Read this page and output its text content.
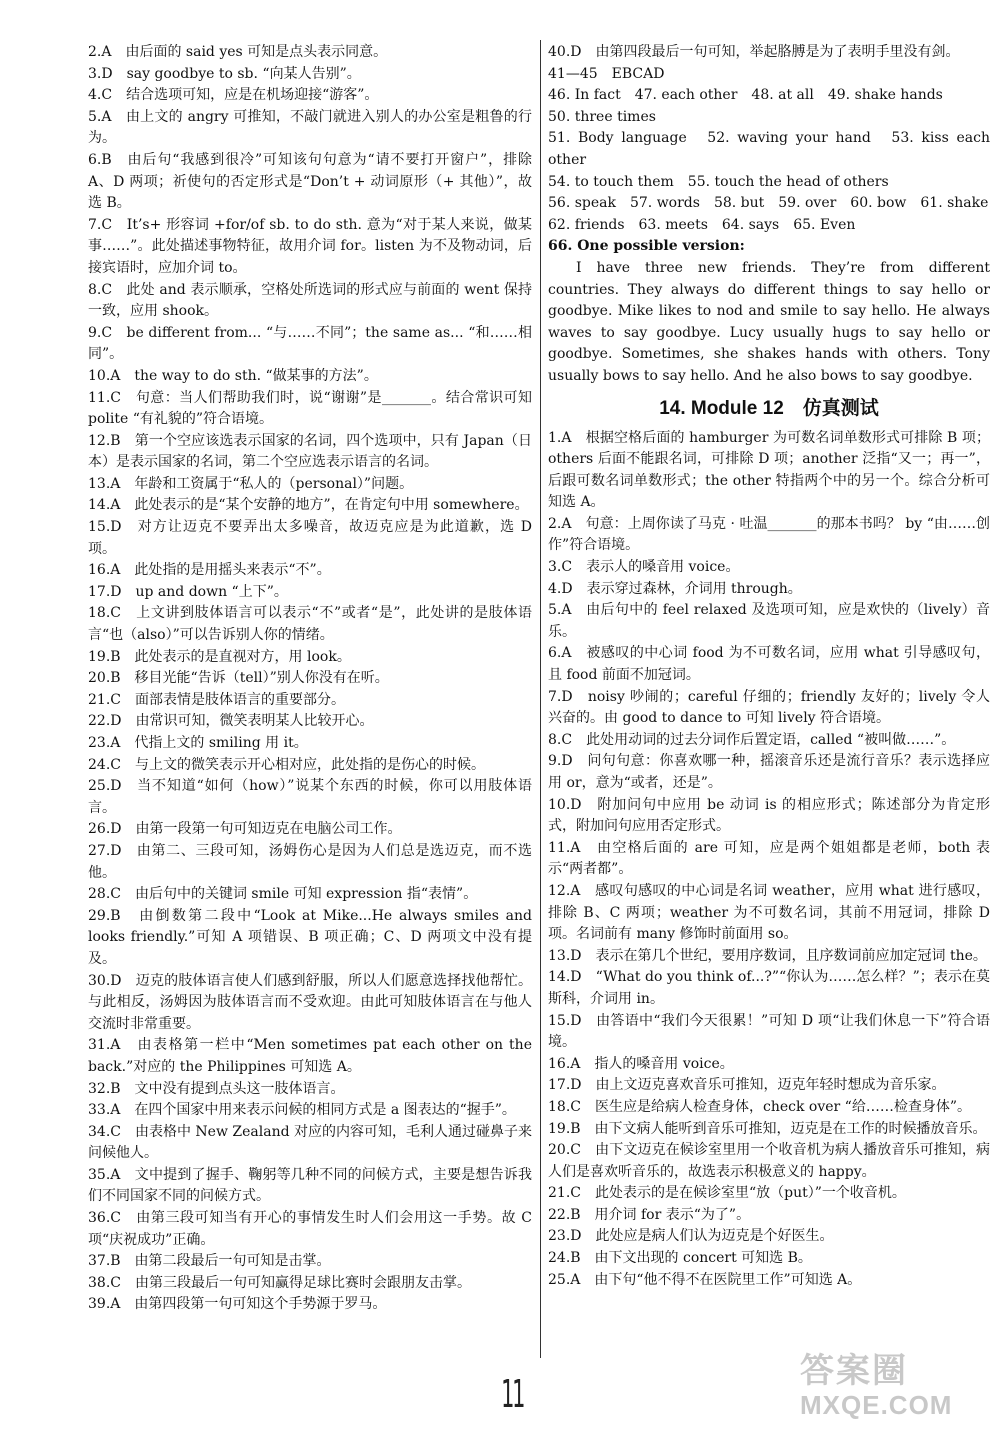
2.A　由后面的 said yes 可知是点头表示同意。

3.D　say goodbye to sb. “向某人告别”。

4.C　结合选项可知，应是在机场迎接“游客”。

5.A　由上文的 angry 可推知，不敲门就进入别人的办公室是粗鲁的行为。

6.B　由后句“我感到很冷”可知该句句意为“请不要打开窗户”，排除 A、D 两项；祈使句的否定形式是“Don’t + 动词原形（+ 其他）”，故选 B。

7.C　It’s+ 形容词 +for/of sb. to do sth. 意为“对于某人来说，做某事……”。此处描述事物特征，故用介词 for。listen 为不及物动词，后接宾语时，应加介词 to。

8.C　此处 and 表示顺承，空格处所选词的形式应与前面的 went 保持一致，应用 shook。

9.C　be different from... “与……不同”；the same as... “和……相同”。

10.A　the way to do sth. “做某事的方法”。

11.C　句意：当人们帮助我们时，说“谢谢”是_______。结合常识可知 polite “有礼貌的”符合语境。

12.B　第一个空应该选表示国家的名词，四个选项中，只有 Japan（日本）是表示国家的名词，第二个空应选表示语言的名词。

13.A　年龄和工资属于“私人的（personal）”问题。

14.A　此处表示的是“某个安静的地方”，在肯定句中用 somewhere。

15.D　对方让迈克不要弄出太多噪音，故迈克应是为此道歉，选 D 项。

16.A　此处指的是用摇头来表示“不”。

17.D　up and down “上下”。

18.C　上文讲到肢体语言可以表示“不”或者“是”，此处讲的是肢体语言“也（also）”可以告诉别人你的情绪。

19.B　此处表示的是直视对方，用 look。

20.B　移目光能“告诉（tell）”别人你没有在听。

21.C　面部表情是肢体语言的重要部分。

22.D　由常识可知，微笑表明某人比较开心。

23.A　代指上文的 smiling 用 it。

24.C　与上文的微笑表示开心相对应，此处指的是伤心的时候。

25.D　当不知道“如何（how）”说某个东西的时候，你可以用肢体语言。

26.D　由第一段第一句可知迈克在电脑公司工作。

27.D　由第二、三段可知，汤姆伤心是因为人们总是选迈克，而不选他。

28.C　由后句中的关键词 smile 可知 expression 指“表情”。

29.B　由倒数第二段中“Look at Mike...He always smiles and looks friendly.”可知 A 项错误、B 项正确；C、D 两项文中没有提及。

30.D　迈克的肢体语言使人们感到舒服，所以人们愿意选择找他帮忙。与此相反，汤姆因为肢体语言而不受欢迎。由此可知肢体语言在与他人交流时非常重要。

31.A　由表格第一栏中“Men sometimes pat each other on the back.”对应的 the Philippines 可知选 A。

32.B　文中没有提到点头这一肢体语言。

33.A　在四个国家中用来表示问候的相同方式是 a 图表达的“握手”。

34.C　由表格中 New Zealand 对应的内容可知，毛利人通过碰鼻子来问候他人。

35.A　文中提到了握手、鞠躬等几种不同的问候方式，主要是想告诉我们不同国家不同的问候方式。

36.C　由第三段可知当有开心的事情发生时人们会用这一手势。故 C 项“庆祝成功”正确。

37.B　由第二段最后一句可知是击掌。

38.C　由第三段最后一句可知赢得足球比赛时会跟朋友击掌。

39.A　由第四段第一句可知这个手势源于罗马。

40.D　由第四段最后一句可知，举起胳膊是为了表明手里没有剑。

41—45　EBCAD

46. In fact　47. each other　48. at all　49. shake hands

50. three times

51. Body language　52. waving your hand　53. kiss each other

54. to touch them　55. touch the head of others

56. speak　57. words　58. but　59. over　60. bow　61. shake

62. friends　63. meets　64. says　65. Even

66. One possible version:

I have three new friends. They’re from different countries. They always do different things to say hello or goodbye. Mike likes to nod and smile to say hello. He always waves to say goodbye. Lucy usually hugs to say hello or goodbye. Sometimes, she shakes hands with others. Tony usually bows to say hello. And he also bows to say goodbye.

14. Module 12　仿真测试

1.A　根据空格后面的 hamburger 为可数名词单数形式可排除 B 项；others 后面不能跟名词，可排除 D 项；another 泛指“又一；再一”，后跟可数名词单数形式；the other 特指两个中的另一个。综合分析可知选 A。

2.A　句意：上周你读了马克 · 吐温_______的那本书吗？ by “由……创作”符合语境。

3.C　表示人的嗓音用 voice。

4.D　表示穿过森林，介词用 through。

5.A　由后句中的 feel relaxed 及选项可知，应是欢快的（lively）音乐。

6.A　被感叹的中心词 food 为不可数名词，应用 what 引导感叹句，且 food 前面不加冠词。

7.D　noisy 吵闹的；careful 仔细的；friendly 友好的；lively 令人兴奋的。由 good to dance to 可知 lively 符合语境。

8.C　此处用动词的过去分词作后置定语，called “被叫做……”。

9.D　问句句意：你喜欢哪一种，摇滚音乐还是流行音乐？表示选择应用 or，意为“或者，还是”。

10.D　附加问句中应用 be 动词 is 的相应形式；陈述部分为肯定形式，附加问句应用否定形式。

11.A　由空格后面的 are 可知，应是两个姐姐都是老师，both 表示“两者都”。

12.A　感叹句感叹的中心词是名词 weather，应用 what 进行感叹，排除 B、C 两项；weather 为不可数名词，其前不用冠词，排除 D 项。名词前有 many 修饰时前面用 so。

13.D　表示在第几个世纪，要用序数词，且序数词前应加定冠词 the。

14.D　“What do you think of...?”“你认为……怎么样？”；表示在莫斯科，介词用 in。

15.D　由答语中“我们今天很累！”可知 D 项“让我们休息一下”符合语境。

16.A　指人的嗓音用 voice。

17.D　由上文迈克喜欢音乐可推知，迈克年轻时想成为音乐家。

18.C　医生应是给病人检查身体，check over “给……检查身体”。

19.B　由下文病人能听到音乐可推知，迈克是在工作的时候播放音乐。

20.C　由下文迈克在候诊室里用一个收音机为病人播放音乐可推知，病人们是喜欢听音乐的，故选表示积极意义的 happy。

21.C　此处表示的是在候诊室里“放（put）”一个收音机。

22.B　用介词 for 表示“为了”。

23.D　此处应是病人们认为迈克是个好医生。

24.B　由下文出现的 concert 可知选 B。

25.A　由下句“他不得不在医院里工作”可知选 A。

11
答案圈
MXQE.COM
